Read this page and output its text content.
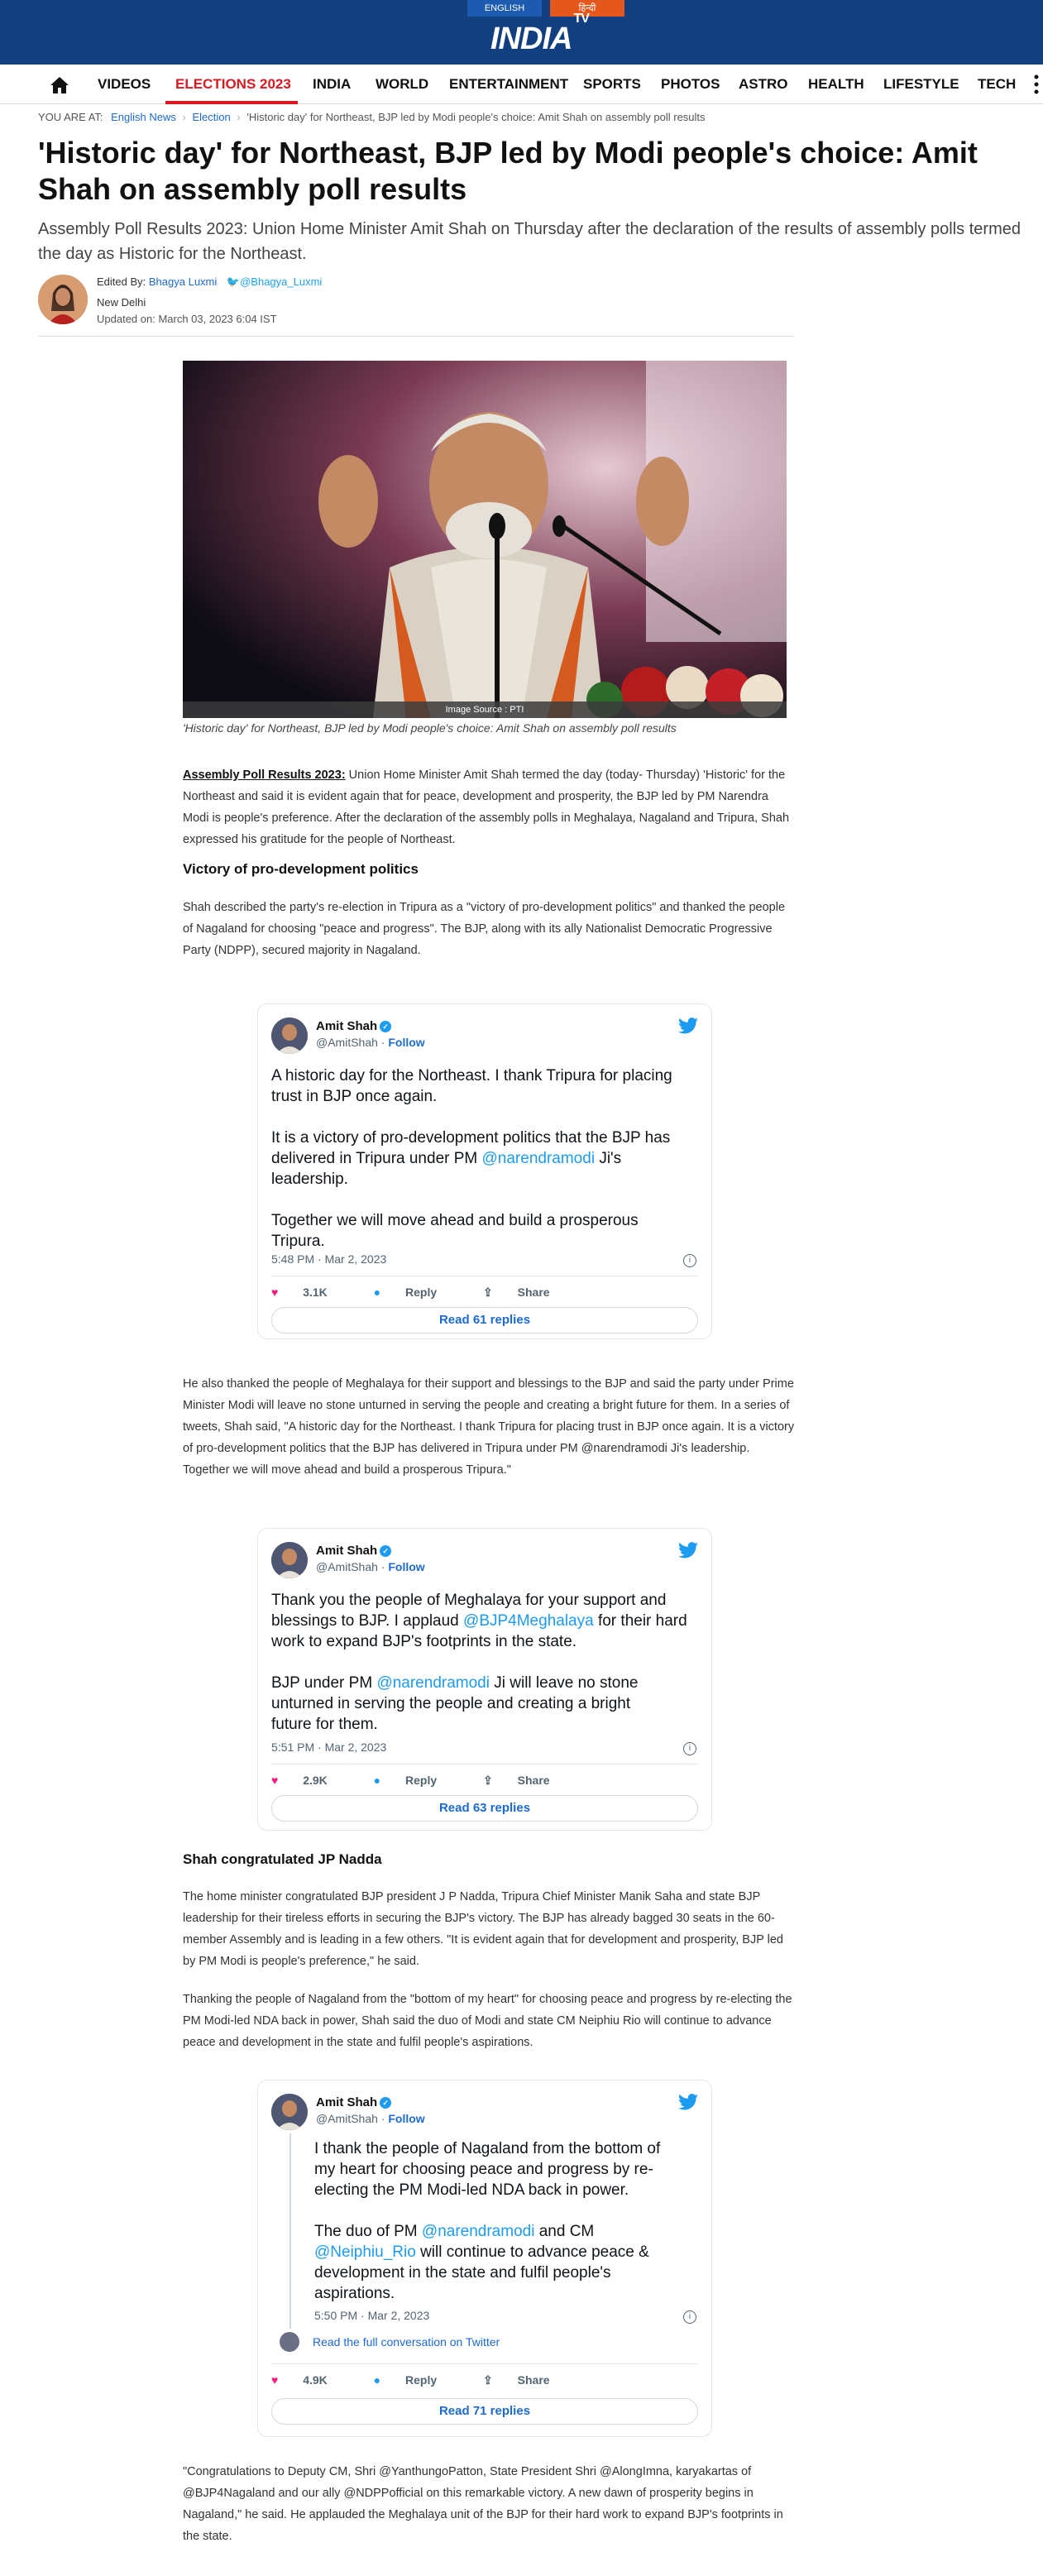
ENGLISH	हिन्दी
$INDIA^{TV}$
VIDEOS ELECTIONS 2023 INDIA WORLD ENTERTAINMENT SPORTS PHOTOS ASTRO HEALTH LIFESTYLE TECH
YOU ARE AT: English News › Election › 'Historic day' for Northeast, BJP led by Modi people's choice: Amit Shah on assembly poll results
'Historic day' for Northeast, BJP led by Modi people's choice: Amit Shah on assembly poll results
Assembly Poll Results 2023: Union Home Minister Amit Shah on Thursday after the declaration of the results of assembly polls termed the day as Historic for the Northeast.
Edited By: Bhagya Luxmi 🐦@Bhagya_Luxmi
New Delhi
Updated on: March 03, 2023 6:04 IST
Image Source : PTI
'Historic day' for Northeast, BJP led by Modi people's choice: Amit Shah on assembly poll results
Assembly Poll Results 2023: Union Home Minister Amit Shah termed the day (today- Thursday) 'Historic' for the Northeast and said it is evident again that for peace, development and prosperity, the BJP led by PM Narendra Modi is people's preference. After the declaration of the assembly polls in Meghalaya, Nagaland and Tripura, Shah expressed his gratitude for the people of Northeast.
Victory of pro-development politics
Shah described the party's re-election in Tripura as a "victory of pro-development politics" and thanked the people of Nagaland for choosing "peace and progress". The BJP, along with its ally Nationalist Democratic Progressive Party (NDPP), secured majority in Nagaland.
Amit Shah ✓
@AmitShah · Follow
A historic day for the Northeast. I thank Tripura for placing
trust in BJP once again.
It is a victory of pro-development politics that the BJP has
delivered in Tripura under PM @narendramodi Ji's
leadership.
Together we will move ahead and build a prosperous
Tripura.
5:48 PM · Mar 2, 2023	i
♥ 3.1K	● Reply	⇪ Share
Read 61 replies
He also thanked the people of Meghalaya for their support and blessings to the BJP and said the party under Prime Minister Modi will leave no stone unturned in serving the people and creating a bright future for them. In a series of tweets, Shah said, "A historic day for the Northeast. I thank Tripura for placing trust in BJP once again. It is a victory of pro-development politics that the BJP has delivered in Tripura under PM @narendramodi Ji's leadership. Together we will move ahead and build a prosperous Tripura."
Amit Shah ✓
@AmitShah · Follow
Thank you the people of Meghalaya for your support and
blessings to BJP. I applaud @BJP4Meghalaya for their hard
work to expand BJP's footprints in the state.
BJP under PM @narendramodi Ji will leave no stone
unturned in serving the people and creating a bright
future for them.
5:51 PM · Mar 2, 2023	i
♥ 2.9K	● Reply	⇪ Share
Read 63 replies
Shah congratulated JP Nadda
The home minister congratulated BJP president J P Nadda, Tripura Chief Minister Manik Saha and state BJP leadership for their tireless efforts in securing the BJP's victory. The BJP has already bagged 30 seats in the 60-member Assembly and is leading in a few others. "It is evident again that for development and prosperity, BJP led by PM Modi is people's preference," he said.
Thanking the people of Nagaland from the "bottom of my heart" for choosing peace and progress by re-electing the PM Modi-led NDA back in power, Shah said the duo of Modi and state CM Neiphiu Rio will continue to advance peace and development in the state and fulfil people's aspirations.
Amit Shah ✓
@AmitShah · Follow
I thank the people of Nagaland from the bottom of
my heart for choosing peace and progress by re-
electing the PM Modi-led NDA back in power.
The duo of PM @narendramodi and CM
@Neiphiu_Rio will continue to advance peace &
development in the state and fulfil people's
aspirations.
5:50 PM · Mar 2, 2023	i
Read the full conversation on Twitter
♥ 4.9K	● Reply	⇪ Share
Read 71 replies
"Congratulations to Deputy CM, Shri @YanthungoPatton, State President Shri @AlongImna, karyakartas of @BJP4Nagaland and our ally @NDPPofficial on this remarkable victory. A new dawn of prosperity begins in Nagaland," he said. He applauded the Meghalaya unit of the BJP for their hard work to expand BJP's footprints in the state.
